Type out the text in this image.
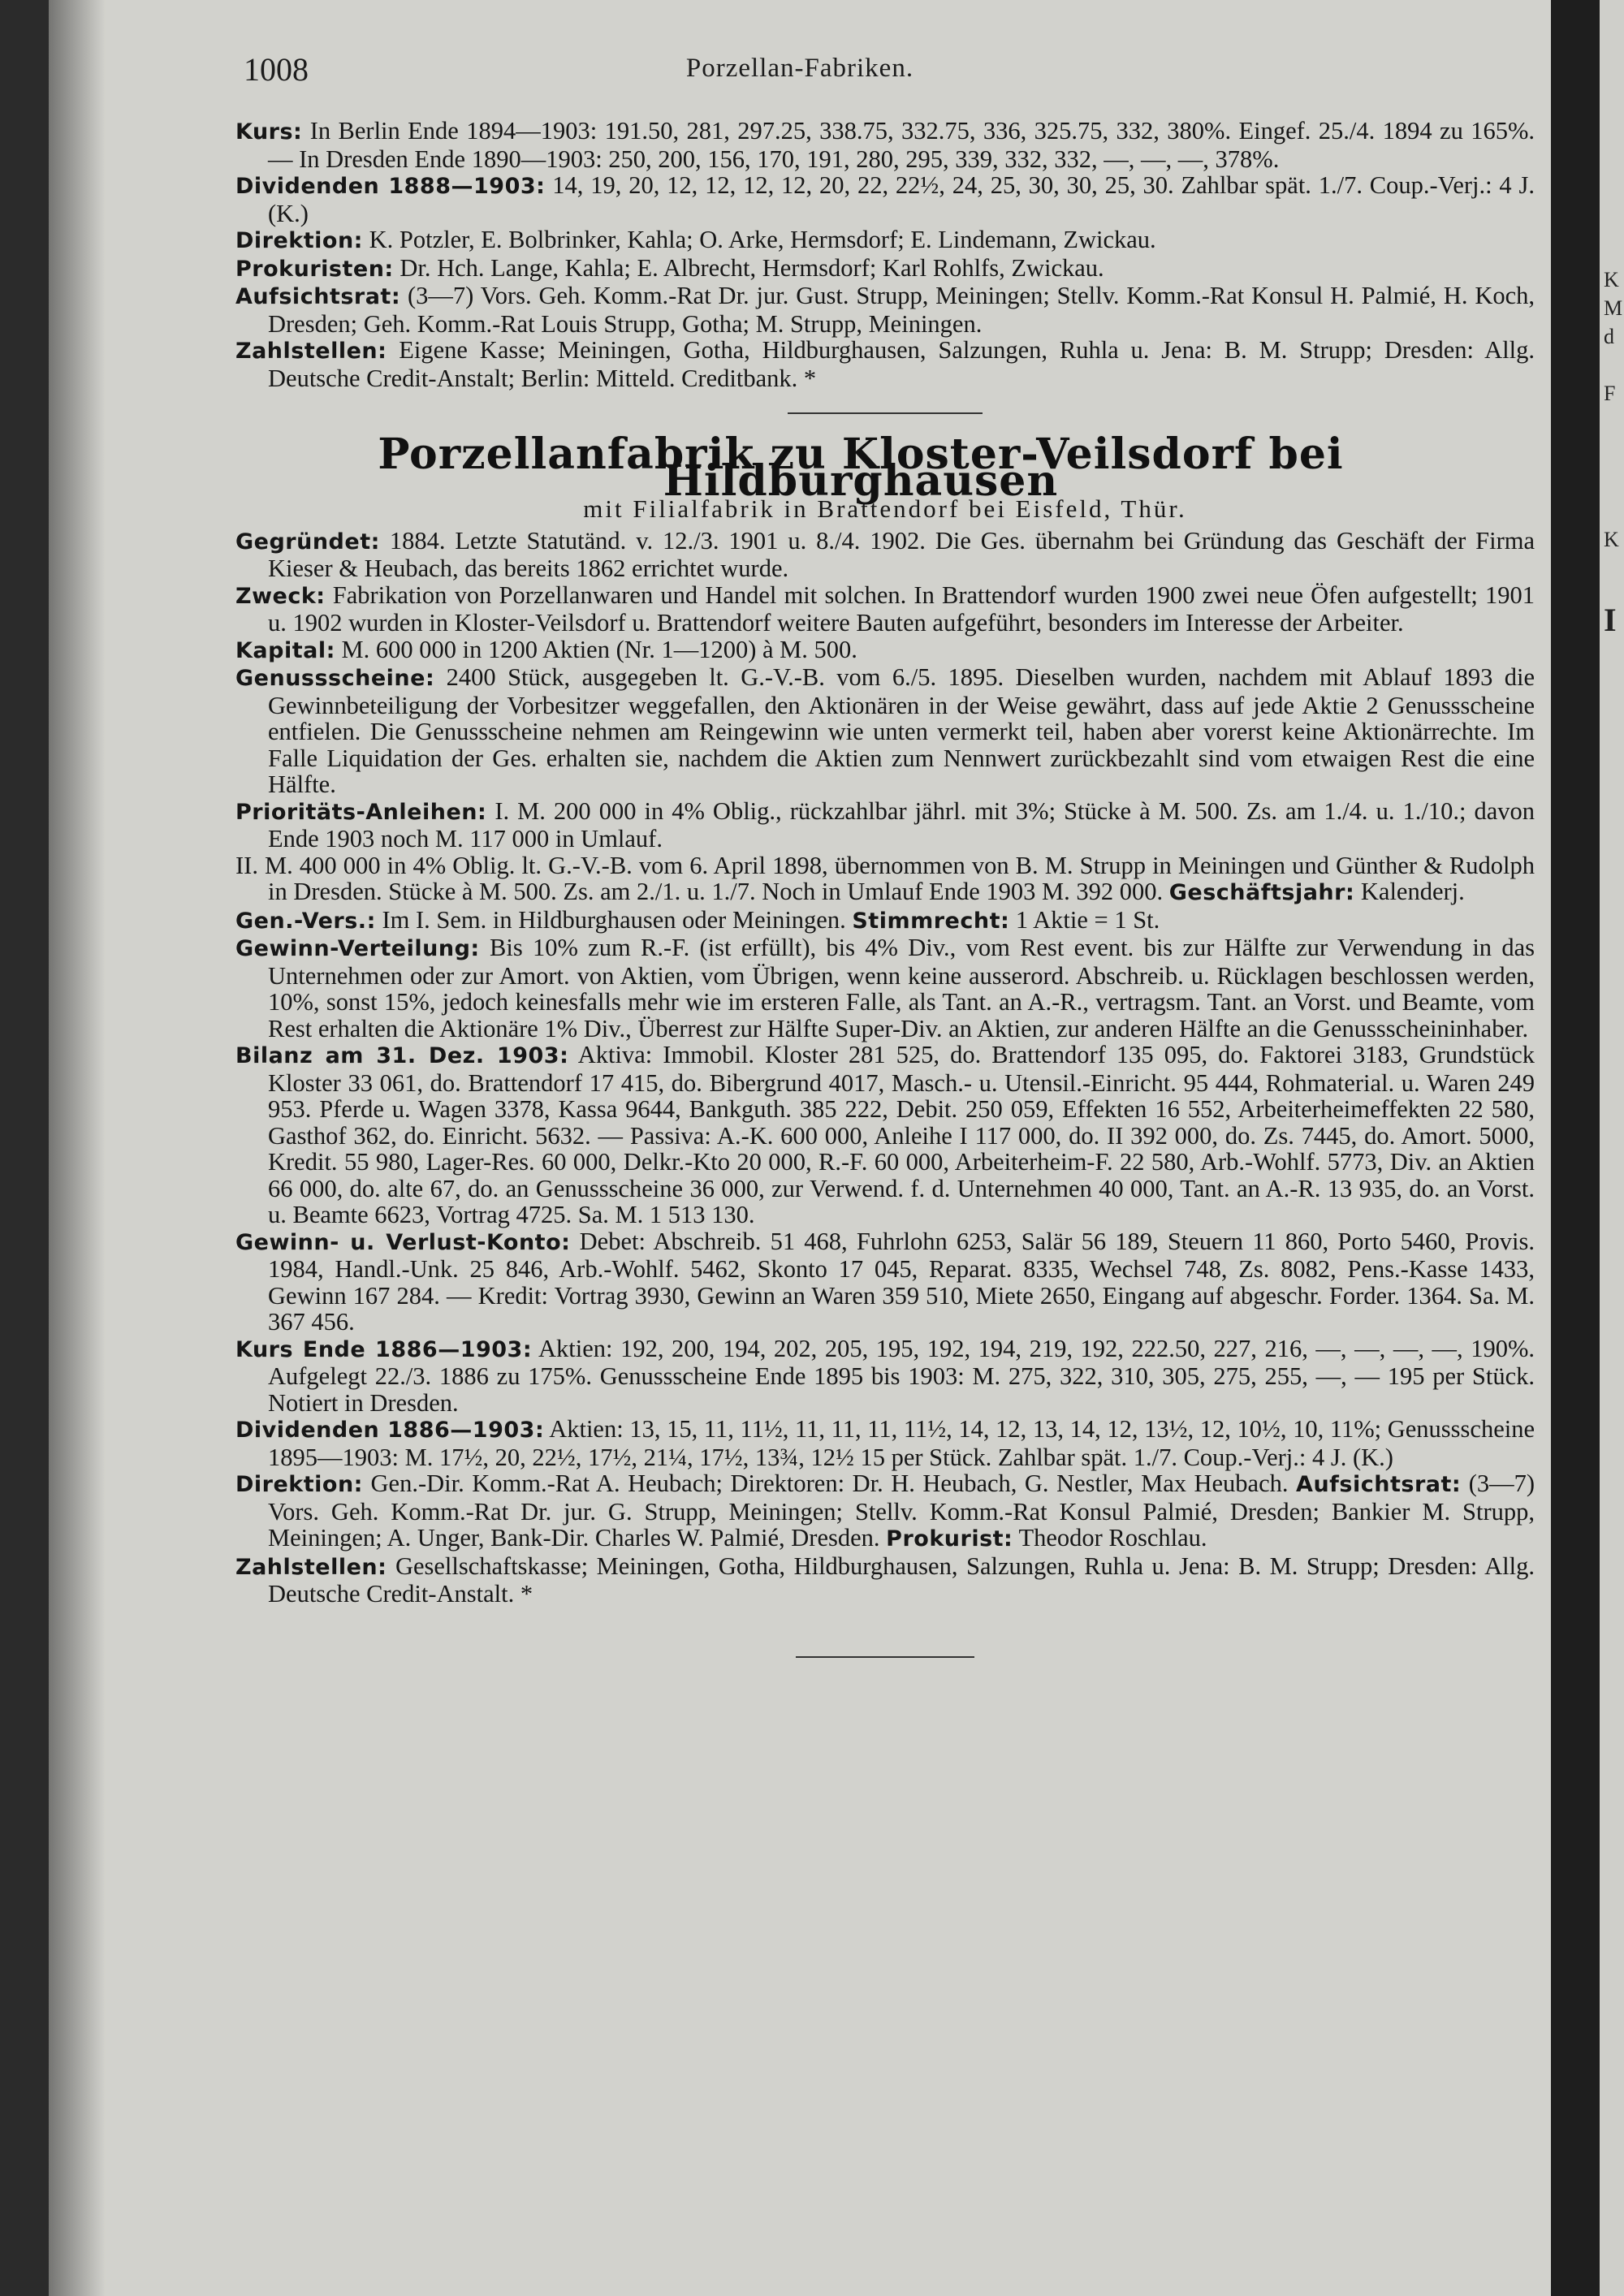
1008	Porzellan-Fabriken.

Kurs: In Berlin Ende 1894—1903: 191.50, 281, 297.25, 338.75, 332.75, 336, 325.75, 332, 380%. Eingef. 25./4. 1894 zu 165%. — In Dresden Ende 1890—1903: 250, 200, 156, 170, 191, 280, 295, 339, 332, 332, —, —, —, 378%.

Dividenden 1888—1903: 14, 19, 20, 12, 12, 12, 12, 20, 22, 22½, 24, 25, 30, 30, 25, 30. Zahlbar spät. 1./7. Coup.-Verj.: 4 J. (K.)

Direktion: K. Potzler, E. Bolbrinker, Kahla; O. Arke, Hermsdorf; E. Lindemann, Zwickau.

Prokuristen: Dr. Hch. Lange, Kahla; E. Albrecht, Hermsdorf; Karl Rohlfs, Zwickau.

Aufsichtsrat: (3—7) Vors. Geh. Komm.-Rat Dr. jur. Gust. Strupp, Meiningen; Stellv. Komm.-Rat Konsul H. Palmié, H. Koch, Dresden; Geh. Komm.-Rat Louis Strupp, Gotha; M. Strupp, Meiningen.

Zahlstellen: Eigene Kasse; Meiningen, Gotha, Hildburghausen, Salzungen, Ruhla u. Jena: B. M. Strupp; Dresden: Allg. Deutsche Credit-Anstalt; Berlin: Mitteld. Creditbank. *

Porzellanfabrik zu Kloster-Veilsdorf bei Hildburghausen
mit Filialfabrik in Brattendorf bei Eisfeld, Thür.

Gegründet: 1884. Letzte Statutänd. v. 12./3. 1901 u. 8./4. 1902. Die Ges. übernahm bei Gründung das Geschäft der Firma Kieser & Heubach, das bereits 1862 errichtet wurde.

Zweck: Fabrikation von Porzellanwaren und Handel mit solchen. In Brattendorf wurden 1900 zwei neue Öfen aufgestellt; 1901 u. 1902 wurden in Kloster-Veilsdorf u. Brattendorf weitere Bauten aufgeführt, besonders im Interesse der Arbeiter.

Kapital: M. 600 000 in 1200 Aktien (Nr. 1—1200) à M. 500.

Genussscheine: 2400 Stück, ausgegeben lt. G.-V.-B. vom 6./5. 1895. Dieselben wurden, nachdem mit Ablauf 1893 die Gewinnbeteiligung der Vorbesitzer weggefallen, den Aktionären in der Weise gewährt, dass auf jede Aktie 2 Genussscheine entfielen. Die Genussscheine nehmen am Reingewinn wie unten vermerkt teil, haben aber vorerst keine Aktionärrechte. Im Falle Liquidation der Ges. erhalten sie, nachdem die Aktien zum Nennwert zurückbezahlt sind vom etwaigen Rest die eine Hälfte.

Prioritäts-Anleihen: I. M. 200 000 in 4% Oblig., rückzahlbar jährl. mit 3%; Stücke à M. 500. Zs. am 1./4. u. 1./10.; davon Ende 1903 noch M. 117 000 in Umlauf.

II. M. 400 000 in 4% Oblig. lt. G.-V.-B. vom 6. April 1898, übernommen von B. M. Strupp in Meiningen und Günther & Rudolph in Dresden. Stücke à M. 500. Zs. am 2./1. u. 1./7. Noch in Umlauf Ende 1903 M. 392 000. Geschäftsjahr: Kalenderj.

Gen.-Vers.: Im I. Sem. in Hildburghausen oder Meiningen. Stimmrecht: 1 Aktie = 1 St.

Gewinn-Verteilung: Bis 10% zum R.-F. (ist erfüllt), bis 4% Div., vom Rest event. bis zur Hälfte zur Verwendung in das Unternehmen oder zur Amort. von Aktien, vom Übrigen, wenn keine ausserord. Abschreib. u. Rücklagen beschlossen werden, 10%, sonst 15%, jedoch keinesfalls mehr wie im ersteren Falle, als Tant. an A.-R., vertragsm. Tant. an Vorst. und Beamte, vom Rest erhalten die Aktionäre 1% Div., Überrest zur Hälfte Super-Div. an Aktien, zur anderen Hälfte an die Genussscheininhaber.

Bilanz am 31. Dez. 1903: Aktiva: Immobil. Kloster 281 525, do. Brattendorf 135 095, do. Faktorei 3183, Grundstück Kloster 33 061, do. Brattendorf 17 415, do. Bibergrund 4017, Masch.- u. Utensil.-Einricht. 95 444, Rohmaterial. u. Waren 249 953. Pferde u. Wagen 3378, Kassa 9644, Bankguth. 385 222, Debit. 250 059, Effekten 16 552, Arbeiterheimeffekten 22 580, Gasthof 362, do. Einricht. 5632. — Passiva: A.-K. 600 000, Anleihe I 117 000, do. II 392 000, do. Zs. 7445, do. Amort. 5000, Kredit. 55 980, Lager-Res. 60 000, Delkr.-Kto 20 000, R.-F. 60 000, Arbeiterheim-F. 22 580, Arb.-Wohlf. 5773, Div. an Aktien 66 000, do. alte 67, do. an Genussscheine 36 000, zur Verwend. f. d. Unternehmen 40 000, Tant. an A.-R. 13 935, do. an Vorst. u. Beamte 6623, Vortrag 4725. Sa. M. 1 513 130.

Gewinn- u. Verlust-Konto: Debet: Abschreib. 51 468, Fuhrlohn 6253, Salär 56 189, Steuern 11 860, Porto 5460, Provis. 1984, Handl.-Unk. 25 846, Arb.-Wohlf. 5462, Skonto 17 045, Reparat. 8335, Wechsel 748, Zs. 8082, Pens.-Kasse 1433, Gewinn 167 284. — Kredit: Vortrag 3930, Gewinn an Waren 359 510, Miete 2650, Eingang auf abgeschr. Forder. 1364. Sa. M. 367 456.

Kurs Ende 1886—1903: Aktien: 192, 200, 194, 202, 205, 195, 192, 194, 219, 192, 222.50, 227, 216, —, —, —, —, 190%. Aufgelegt 22./3. 1886 zu 175%. Genussscheine Ende 1895 bis 1903: M. 275, 322, 310, 305, 275, 255, —, — 195 per Stück. Notiert in Dresden.

Dividenden 1886—1903: Aktien: 13, 15, 11, 11½, 11, 11, 11, 11½, 14, 12, 13, 14, 12, 13½, 12, 10½, 10, 11%; Genussscheine 1895—1903: M. 17½, 20, 22½, 17½, 21¼, 17½, 13¾, 12½ 15 per Stück. Zahlbar spät. 1./7. Coup.-Verj.: 4 J. (K.)

Direktion: Gen.-Dir. Komm.-Rat A. Heubach; Direktoren: Dr. H. Heubach, G. Nestler, Max Heubach. Aufsichtsrat: (3—7) Vors. Geh. Komm.-Rat Dr. jur. G. Strupp, Meiningen; Stellv. Komm.-Rat Konsul Palmié, Dresden; Bankier M. Strupp, Meiningen; A. Unger, Bank-Dir. Charles W. Palmié, Dresden. Prokurist: Theodor Roschlau.

Zahlstellen: Gesellschaftskasse; Meiningen, Gotha, Hildburghausen, Salzungen, Ruhla u. Jena: B. M. Strupp; Dresden: Allg. Deutsche Credit-Anstalt. *

K
M
d
F
K
I
